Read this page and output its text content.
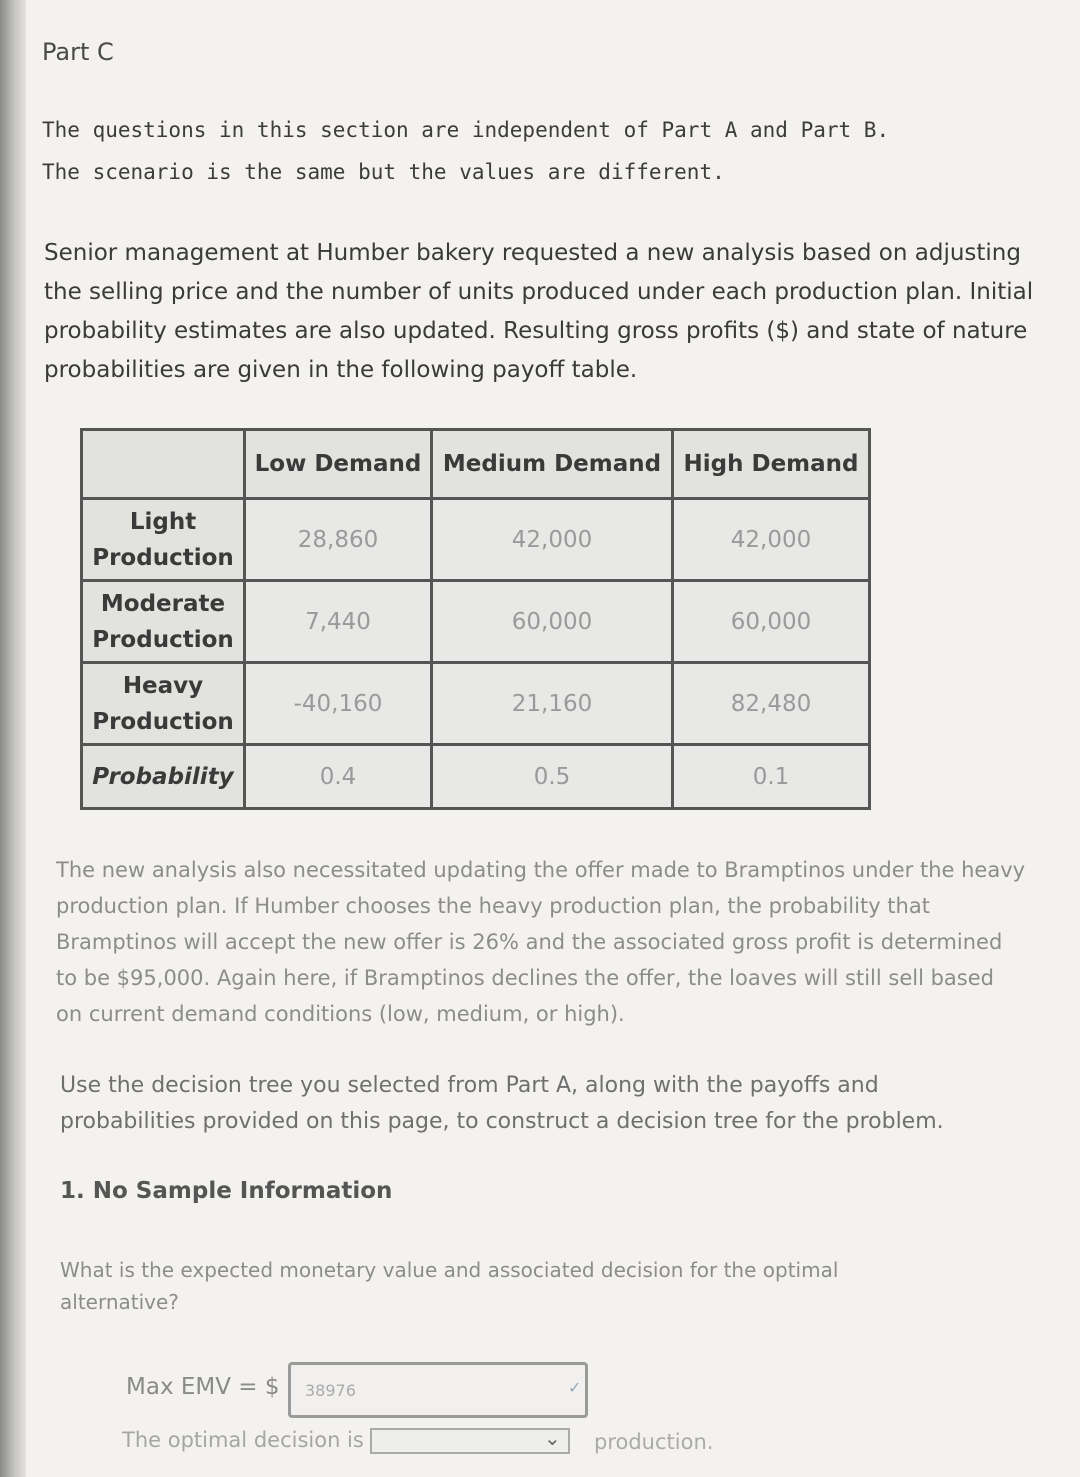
Part C
The questions in this section are independent of Part A and Part B.
The scenario is the same but the values are different.
Senior management at Humber bakery requested a new analysis based on adjusting the selling price and the number of units produced under each production plan. Initial probability estimates are also updated. Resulting gross profits ($) and state of nature probabilities are given in the following payoff table.
	Low Demand	Medium Demand	High Demand
Light
Production	28,860	42,000	42,000
Moderate
Production	7,440	60,000	60,000
Heavy
Production	-40,160	21,160	82,480
Probability	0.4	0.5	0.1
The new analysis also necessitated updating the offer made to Bramptinos under the heavy production plan. If Humber chooses the heavy production plan, the probability that Bramptinos will accept the new offer is 26% and the associated gross profit is determined to be $95,000. Again here, if Bramptinos declines the offer, the loaves will still sell based on current demand conditions (low, medium, or high).
Use the decision tree you selected from Part A, along with the payoffs and probabilities provided on this page, to construct a decision tree for the problem.
1. No Sample Information
What is the expected monetary value and associated decision for the optimal alternative?
Max EMV = $
38976	✓
The optimal decision is	⌄ production.
